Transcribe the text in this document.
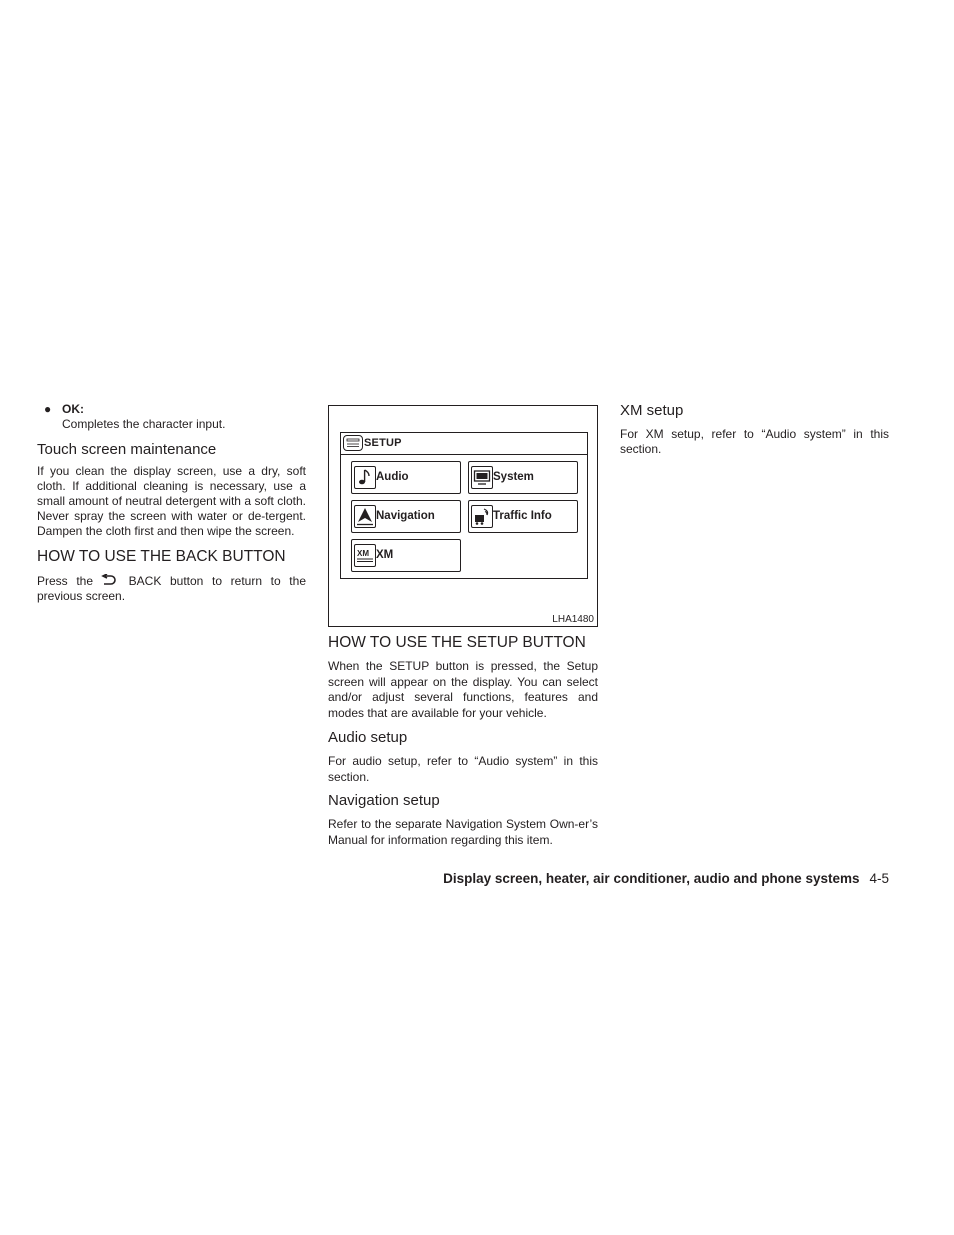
● OK:
Completes the character input.
Touch screen maintenance

If you clean the display screen, use a dry, soft cloth. If additional cleaning is necessary, use a small amount of neutral detergent with a soft cloth. Never spray the screen with water or de-tergent. Dampen the cloth first and then wipe the screen.

HOW TO USE THE BACK BUTTON

Press the	BACK button to return to the previous screen.

SETUP
Audio	System
Navigation	Traffic Info
XM XM
LHA1480
HOW TO USE THE SETUP BUTTON

When the SETUP button is pressed, the Setup screen will appear on the display. You can select and/or adjust several functions, features and modes that are available for your vehicle.

Audio setup

For audio setup, refer to “Audio system” in this section.

Navigation setup

Refer to the separate Navigation System Own-er’s Manual for information regarding this item.

XM setup

For XM setup, refer to “Audio system” in this section.

Display screen, heater, air conditioner, audio and phone systems 4-5
